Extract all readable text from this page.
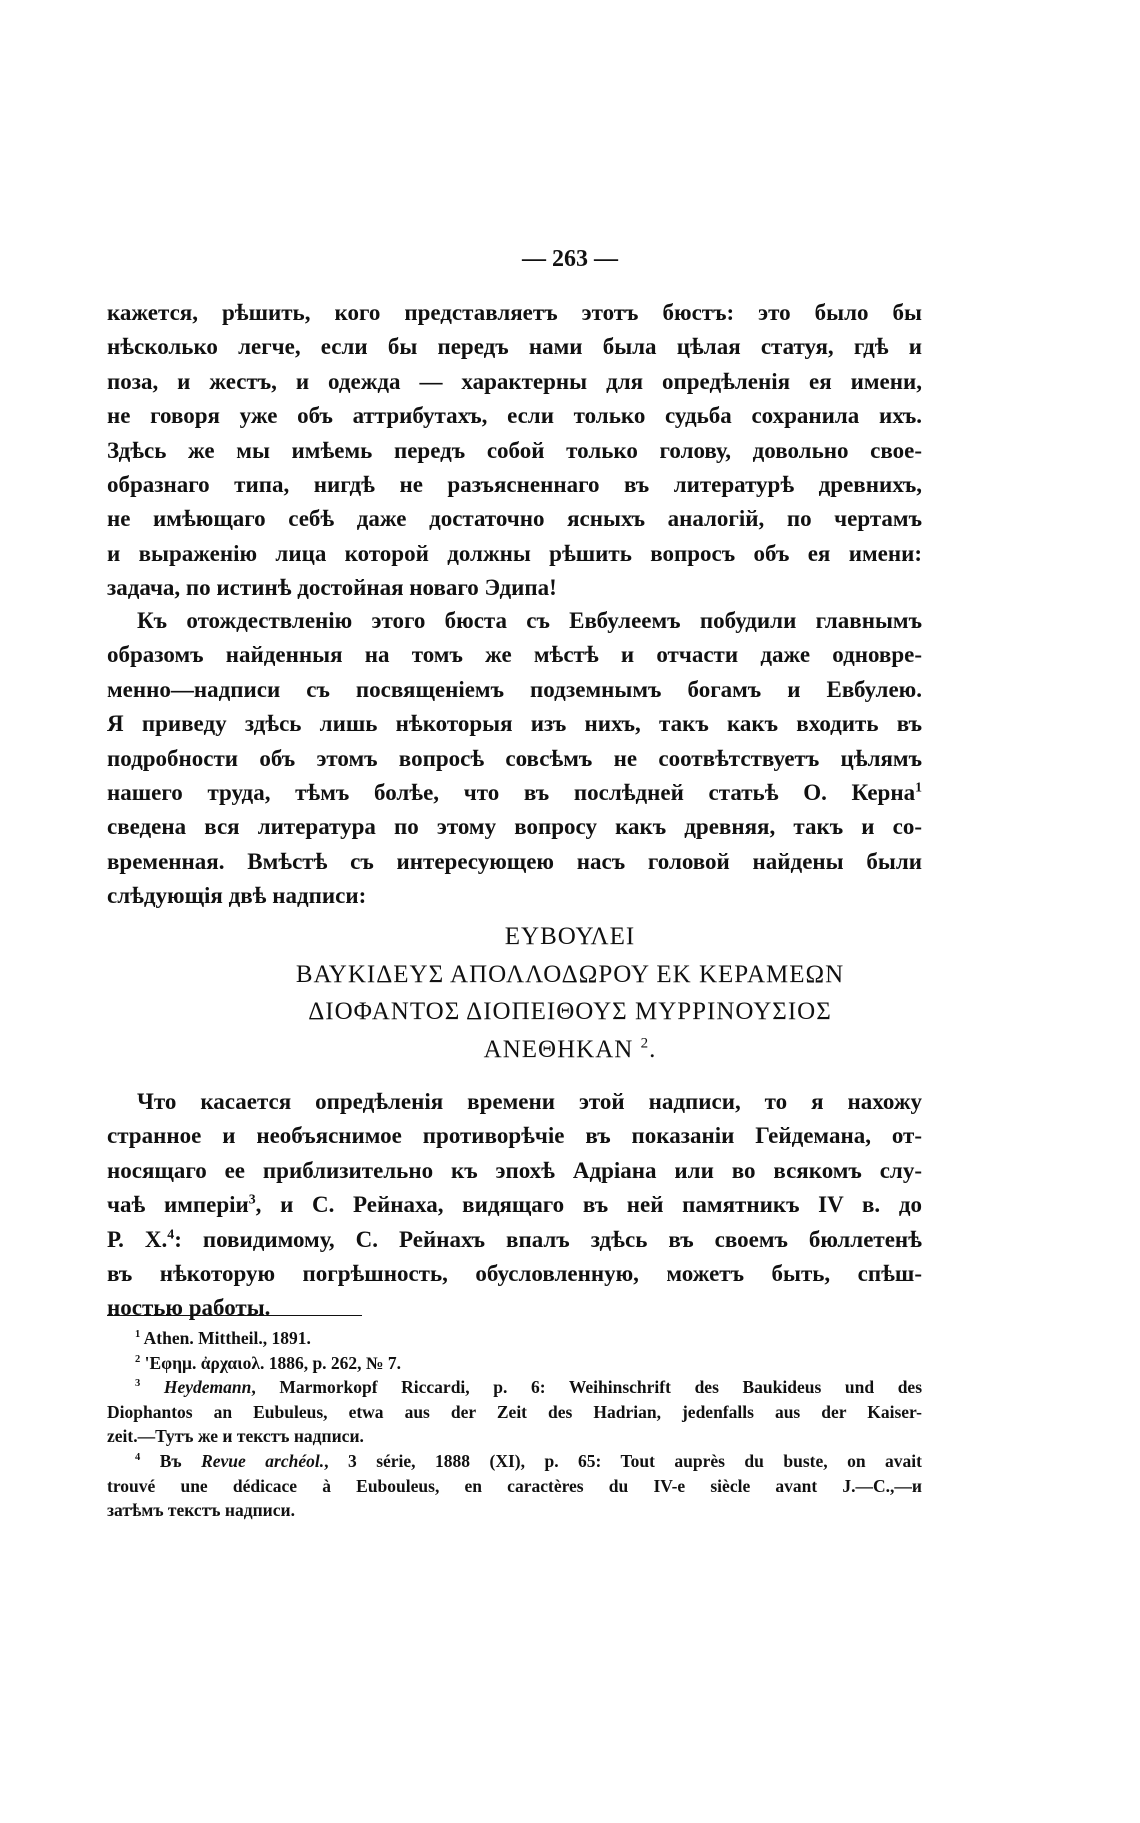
— 263 —
кажется, рѣшить, кого представляетъ этотъ бюстъ: это было бы
нѣсколько легче, если бы передъ нами была цѣлая статуя, гдѣ и
поза, и жестъ, и одежда — характерны для опредѣленія ея имени,
не говоря уже объ аттрибутахъ, если только судьба сохранила ихъ.
Здѣсь же мы имѣемь передъ собой только голову, довольно свое-
образнаго типа, нигдѣ не разъясненнаго въ литературѣ древнихъ,
не имѣющаго себѣ даже достаточно ясныхъ аналогій, по чертамъ
и выраженію лица которой должны рѣшить вопросъ объ ея имени:
задача, по истинѣ достойная новаго Эдипа!
Къ отождествленію этого бюста съ Евбулеемъ побудили главнымъ
образомъ найденныя на томъ же мѣстѣ и отчасти даже одновре-
менно—надписи съ посвященіемъ подземнымъ богамъ и Евбулею.
Я приведу здѣсь лишь нѣкоторыя изъ нихъ, такъ какъ входить въ
подробности объ этомъ вопросѣ совсѣмъ не соотвѣтствуетъ цѣлямъ
нашего труда, тѣмъ болѣе, что въ послѣдней статьѣ О. Керна$^1$
сведена вся литература по этому вопросу какъ древняя, такъ и со-
временная. Вмѣстѣ съ интересующею насъ головой найдены были
слѣдующія двѣ надписи:
ΕΥΒΟΥΛΕΙ
ΒΑΥΚΙΔΕΥΣ ΑΠΟΛΛΟΔΩΡΟΥ ΕΚ ΚΕΡΑΜΕΩΝ
ΔΙΟΦΑΝΤΟΣ ΔΙΟΠΕΙΘΟΥΣ ΜΥΡΡΙΝΟΥΣΙΟΣ
ΑΝΕΘΗΚΑΝ $^2$.
Что касается опредѣленія времени этой надписи, то я нахожу
странное и необъяснимое противорѣчіе въ показаніи Гейдемана, от-
носящаго ее приблизительно къ эпохѣ Адріана или во всякомъ слу-
чаѣ имперіи$^3$, и С. Рейнаха, видящаго въ ней памятникъ IV в. до
Р. Х.$^4$: повидимому, С. Рейнахъ впалъ здѣсь въ своемъ бюллетенѣ
въ нѣкоторую погрѣшность, обусловленную, можетъ быть, спѣш-
ностью работы.
$^1$ Athen. Mittheil., 1891.
$^2$ 'Εφημ. ἀρχαιολ. 1886, p. 262, № 7.
$^3$ Heydemann, Marmorkopf Riccardi, p. 6: Weihinschrift des Baukideus und des
Diophantos an Eubuleus, etwa aus der Zeit des Hadrian, jedenfalls aus der Kaiser-
zeit.—Тутъ же и текстъ надписи.
$^4$ Въ Revue archéol., 3 série, 1888 (XI), p. 65: Tout auprès du buste, on avait
trouvé une dédicace à Eubouleus, en caractères du IV-e siècle avant J.—C.,—и
затѣмъ текстъ надписи.
